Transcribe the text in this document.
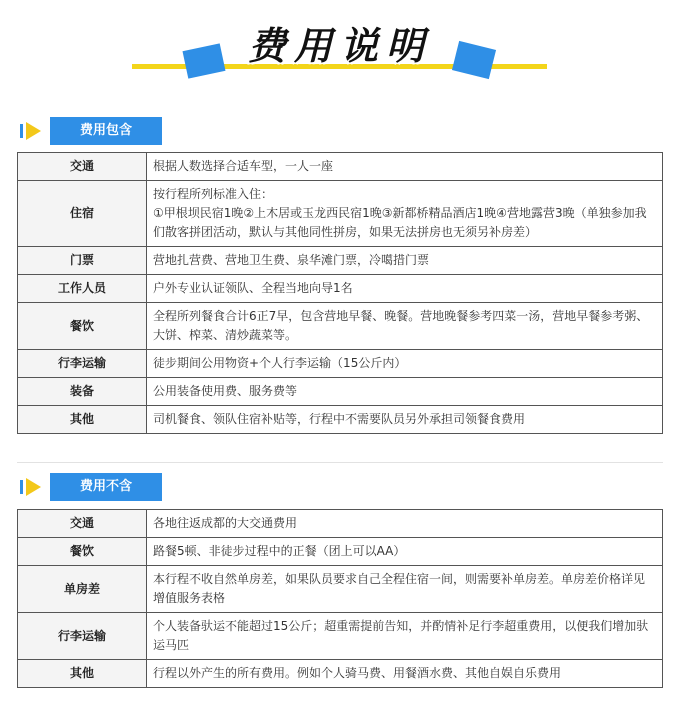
费用说明
费用包含
交通	根据人数选择合适车型，一人一座
住宿	按行程所列标准入住：
①甲根坝民宿1晚②上木居或玉龙西民宿1晚③新都桥精品酒店1晚④营地露营3晚（单独参加我们散客拼团活动，默认与其他同性拼房，如果无法拼房也无须另补房差）

门票	营地扎营费、营地卫生费、泉华滩门票，冷噶措门票
工作人员	户外专业认证领队、全程当地向导1名
餐饮	全程所列餐食合计6正7早，包含营地早餐、晚餐。营地晚餐参考四菜一汤，营地早餐参考粥、大饼、榨菜、清炒蔬菜等。
行李运输	徒步期间公用物资+个人行李运输（15公斤内）
装备	公用装备使用费、服务费等
其他	司机餐食、领队住宿补贴等，行程中不需要队员另外承担司领餐食费用
费用不含
交通	各地往返成都的大交通费用
餐饮	路餐5顿、非徒步过程中的正餐（团上可以AA）
单房差	本行程不收自然单房差，如果队员要求自己全程住宿一间，则需要补单房差。单房差价格详见增值服务表格
行李运输	个人装备驮运不能超过15公斤；超重需提前告知，并酌情补足行李超重费用，以便我们增加驮运马匹
其他	行程以外产生的所有费用。例如个人骑马费、用餐酒水费、其他自娱自乐费用
